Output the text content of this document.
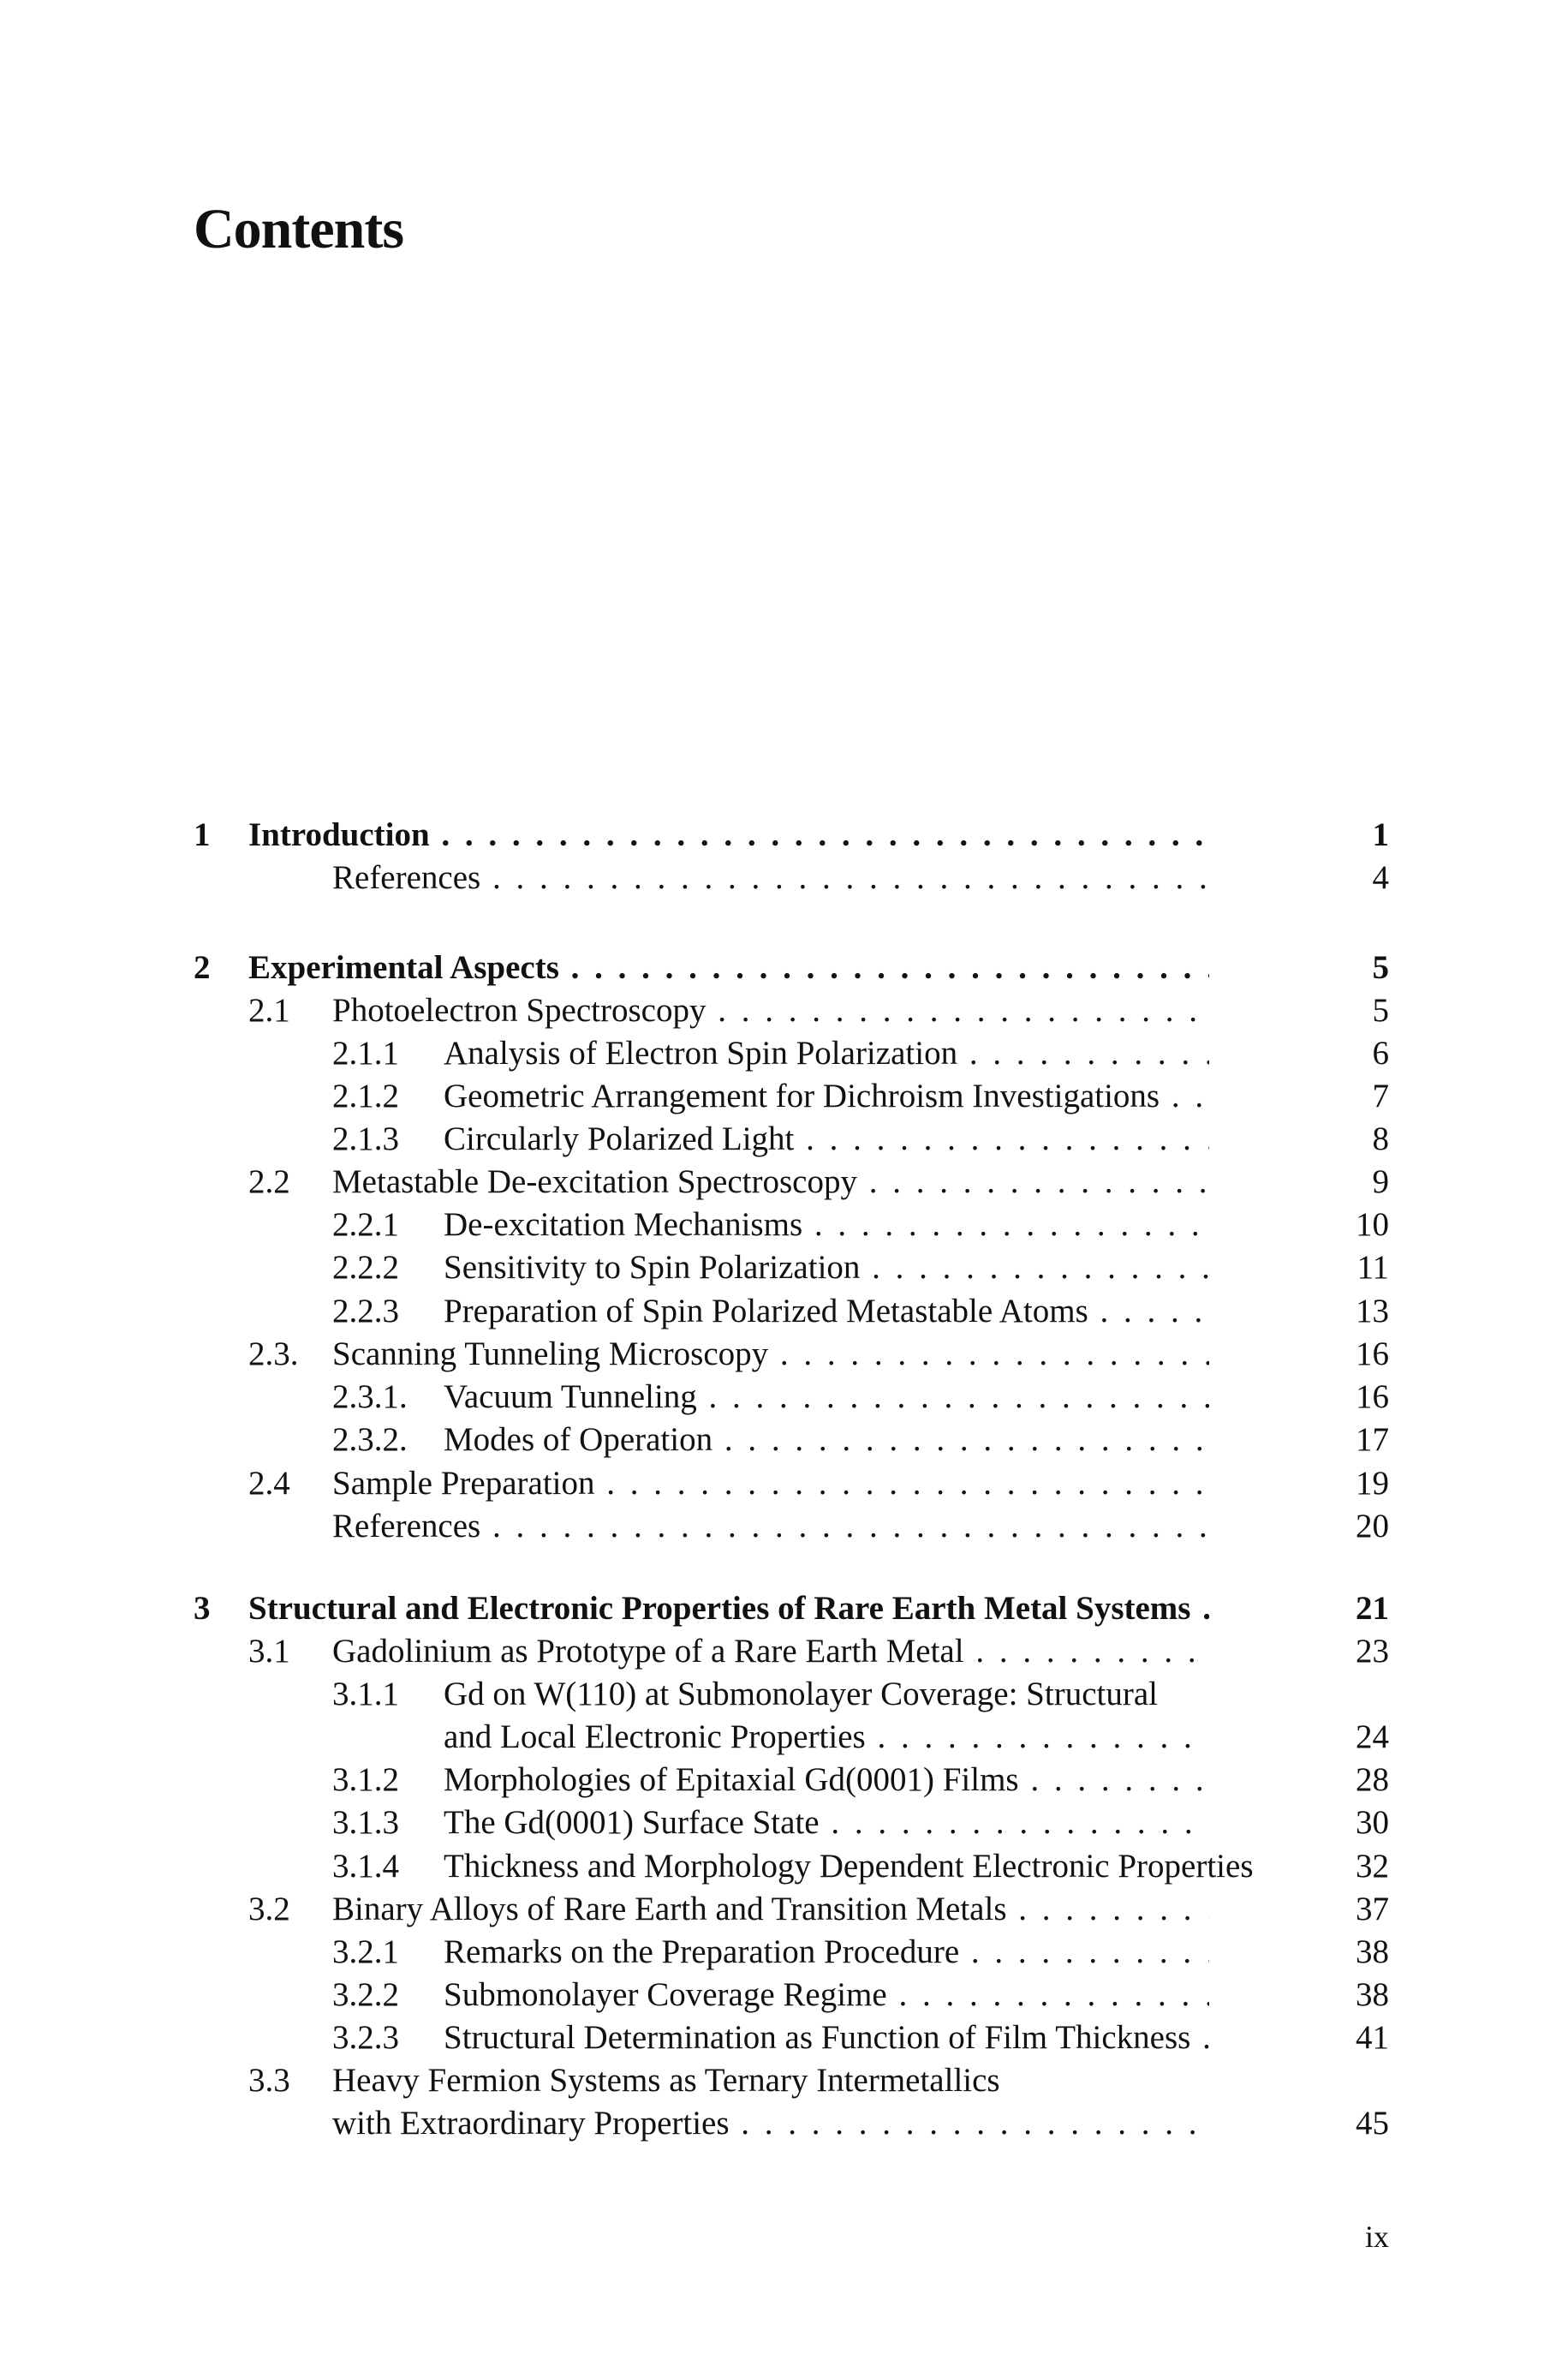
Contents
1 Introduction . . .	1
References . . .	4
2 Experimental Aspects . . .	5
2.1 Photoelectron Spectroscopy . . .	5
2.1.1 Analysis of Electron Spin Polarization . . .	6
2.1.2 Geometric Arrangement for Dichroism Investigations . . .	7
2.1.3 Circularly Polarized Light . . .	8
2.2 Metastable De-excitation Spectroscopy . . .	9
2.2.1 De-excitation Mechanisms . . .	10
2.2.2 Sensitivity to Spin Polarization . . .	11
2.2.3 Preparation of Spin Polarized Metastable Atoms . . .	13
2.3. Scanning Tunneling Microscopy . . .	16
2.3.1. Vacuum Tunneling . . .	16
2.3.2. Modes of Operation . . .	17
2.4 Sample Preparation . . .	19
References . . .	20
3 Structural and Electronic Properties of Rare Earth Metal Systems . . .	21
3.1 Gadolinium as Prototype of a Rare Earth Metal . . .	23
3.1.1 Gd on W(110) at Submonolayer Coverage: Structural
and Local Electronic Properties . . .	24
3.1.2 Morphologies of Epitaxial Gd(0001) Films . . .	28
3.1.3 The Gd(0001) Surface State . . .	30
3.1.4 Thickness and Morphology Dependent Electronic Properties	32
3.2 Binary Alloys of Rare Earth and Transition Metals . . .	37
3.2.1 Remarks on the Preparation Procedure . . .	38
3.2.2 Submonolayer Coverage Regime . . .	38
3.2.3 Structural Determination as Function of Film Thickness . . .	41
3.3 Heavy Fermion Systems as Ternary Intermetallics
with Extraordinary Properties . . .	45
ix
